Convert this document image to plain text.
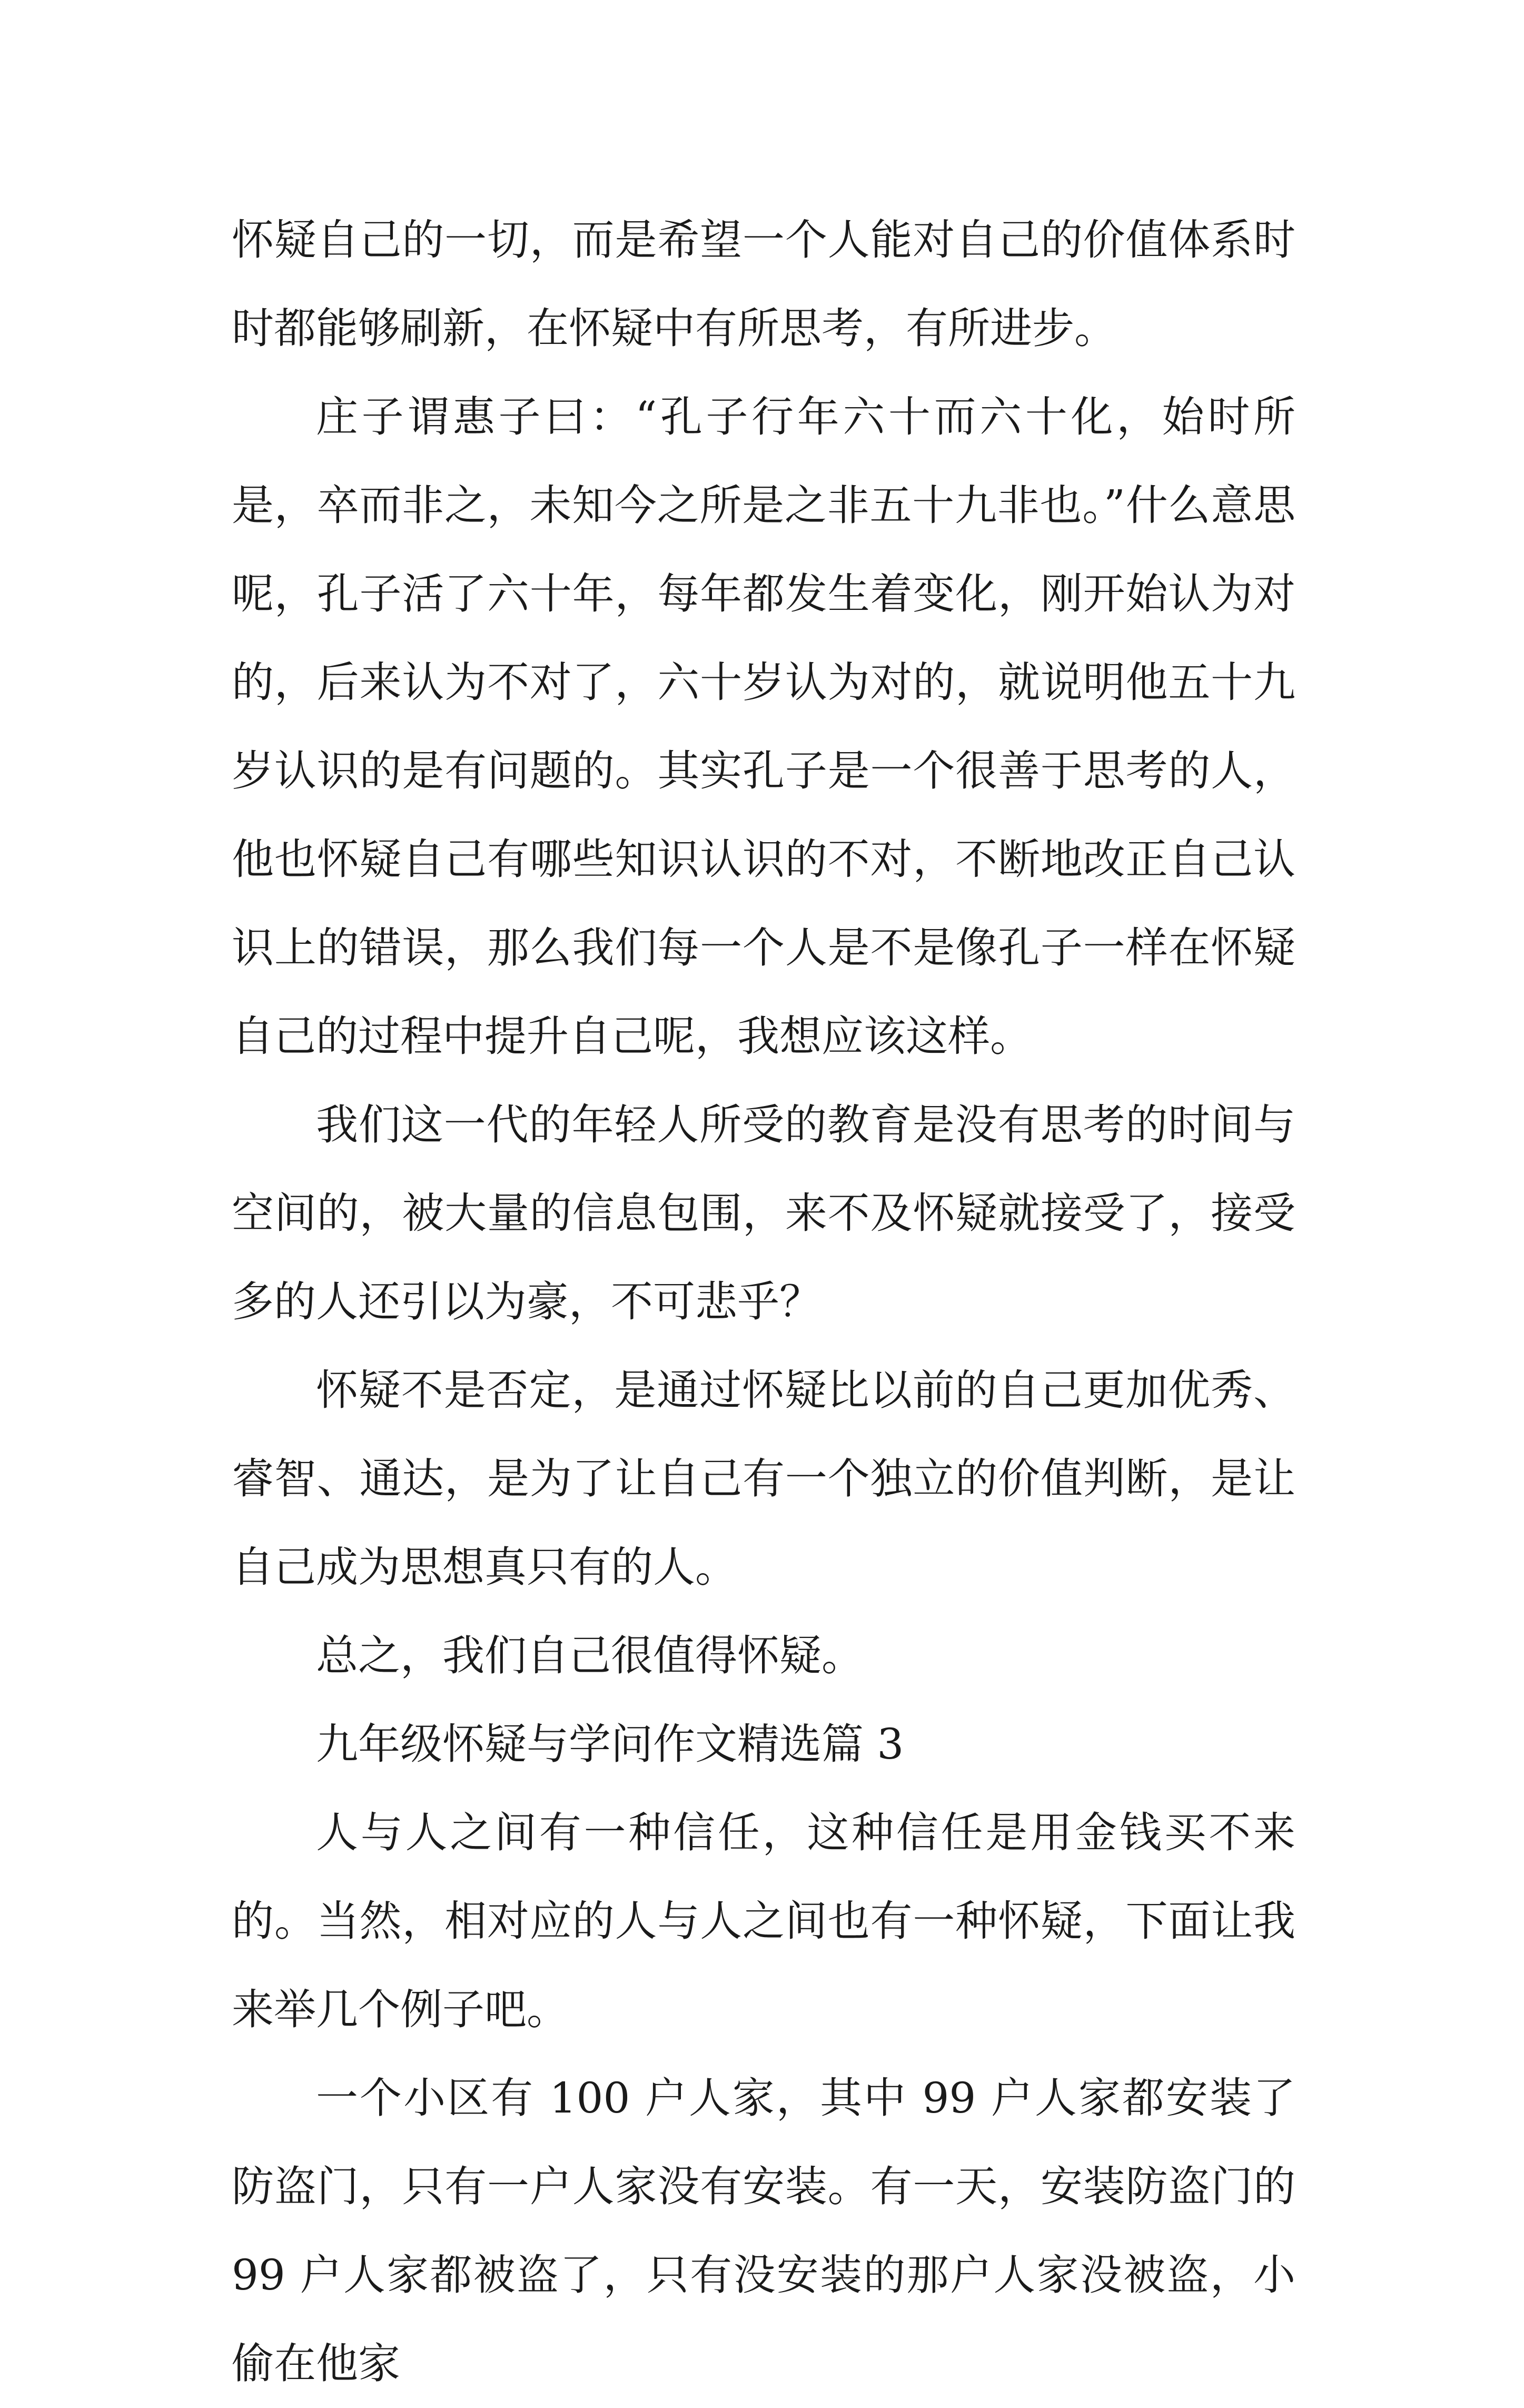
怀疑自己的一切，而是希望一个人能对自己的价值体系时时都能够刷新，在怀疑中有所思考，有所进步。

庄子谓惠子曰：“孔子行年六十而六十化，始时所是，卒而非之，未知今之所是之非五十九非也。”什么意思呢，孔子活了六十年，每年都发生着变化，刚开始认为对的，后来认为不对了，六十岁认为对的，就说明他五十九岁认识的是有问题的。其实孔子是一个很善于思考的人，他也怀疑自己有哪些知识认识的不对，不断地改正自己认识上的错误，那么我们每一个人是不是像孔子一样在怀疑自己的过程中提升自己呢，我想应该这样。

我们这一代的年轻人所受的教育是没有思考的时间与空间的，被大量的信息包围，来不及怀疑就接受了，接受多的人还引以为豪，不可悲乎？

怀疑不是否定，是通过怀疑比以前的自己更加优秀、睿智、通达，是为了让自己有一个独立的价值判断，是让自己成为思想真只有的人。

总之，我们自己很值得怀疑。

九年级怀疑与学问作文精选篇 3

人与人之间有一种信任，这种信任是用金钱买不来的。当然，相对应的人与人之间也有一种怀疑，下面让我来举几个例子吧。

一个小区有 100 户人家，其中 99 户人家都安装了防盗门，只有一户人家没有安装。有一天，安装防盗门的 99 户人家都被盗了，只有没安装的那户人家没被盗，小偷在他家
